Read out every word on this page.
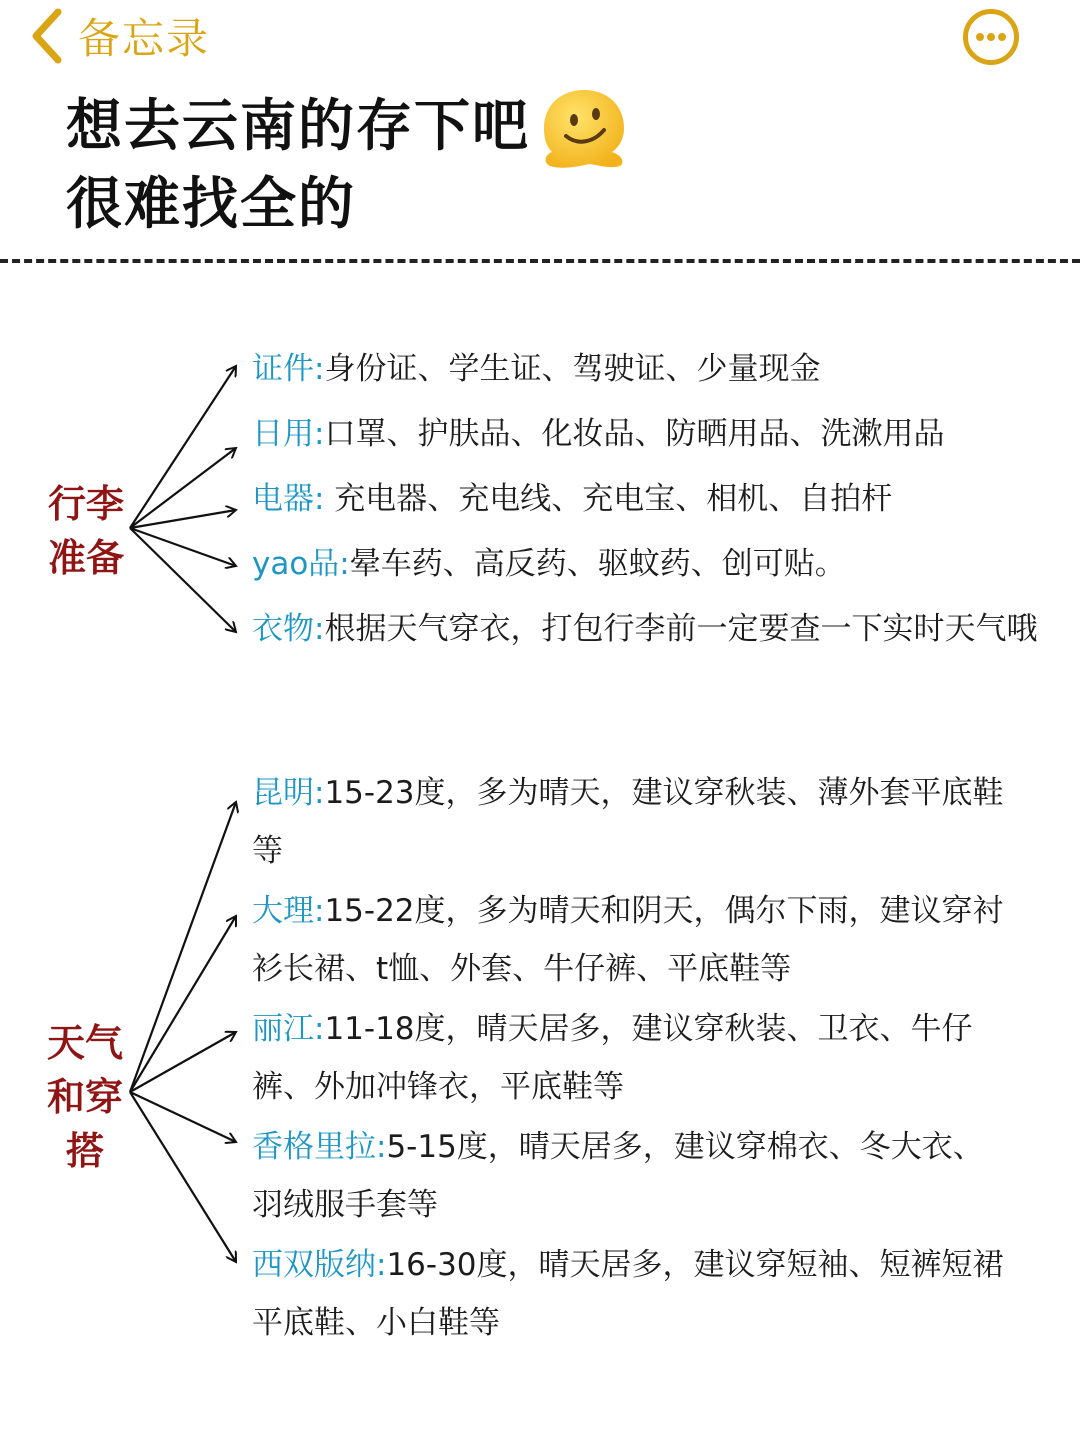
备忘录
想去云南的存下吧
很难找全的
行李
准备
证件:身份证、学生证、驾驶证、少量现金
日用:口罩、护肤品、化妆品、防晒用品、洗漱用品
电器: 充电器、充电线、充电宝、相机、自拍杆
yao品:晕车药、高反药、驱蚊药、创可贴。
衣物:根据天气穿衣，打包行李前一定要查一下实时天气哦
天气
和穿
搭
昆明:15-23度，多为晴天，建议穿秋装、薄外套平底鞋等
大理:15-22度，多为晴天和阴天，偶尔下雨，建议穿衬衫长裙、t恤、外套、牛仔裤、平底鞋等
丽江:11-18度，晴天居多，建议穿秋装、卫衣、牛仔裤、外加冲锋衣，平底鞋等
香格里拉:5-15度，晴天居多，建议穿棉衣、冬大衣、羽绒服手套等
西双版纳:16-30度，晴天居多，建议穿短袖、短裤短裙平底鞋、小白鞋等
